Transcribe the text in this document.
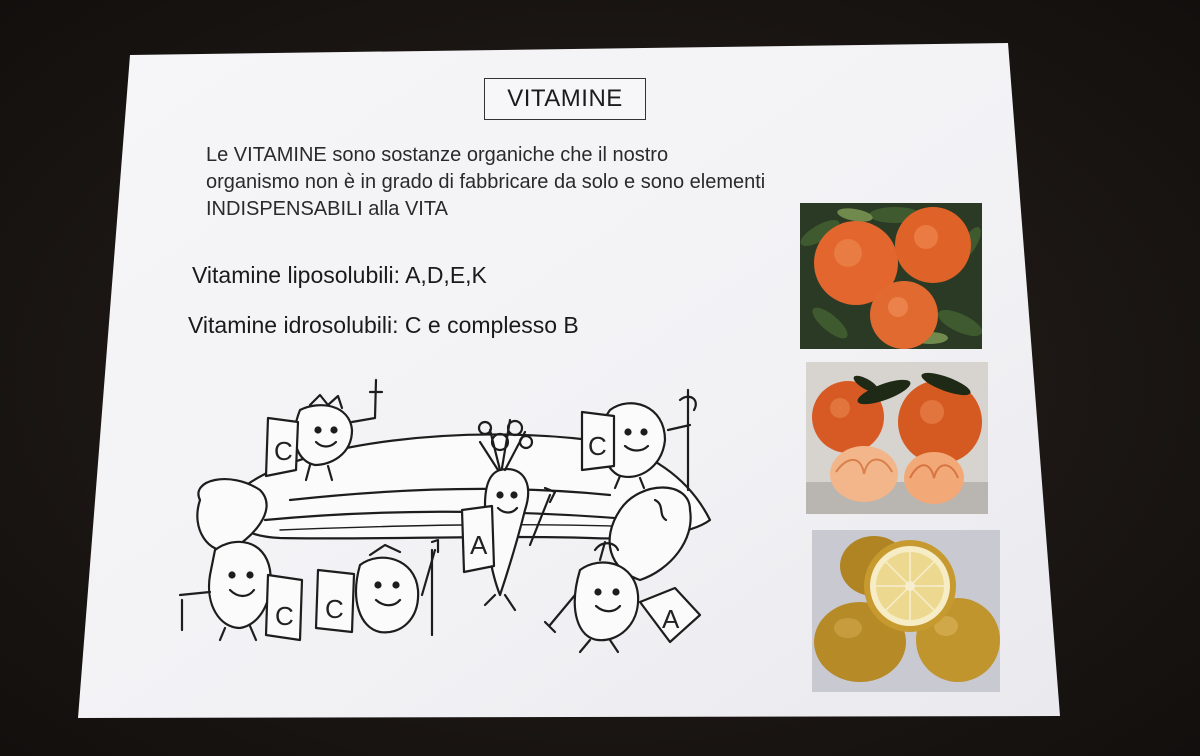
VITAMINE
Le VITAMINE sono sostanze organiche che il nostro
organismo non è in grado di fabbricare da solo e sono elementi
INDISPENSABILI alla VITA
Vitamine liposolubili: A,D,E,K
Vitamine idrosolubili: C e complesso B
C	C
A
C C	A
